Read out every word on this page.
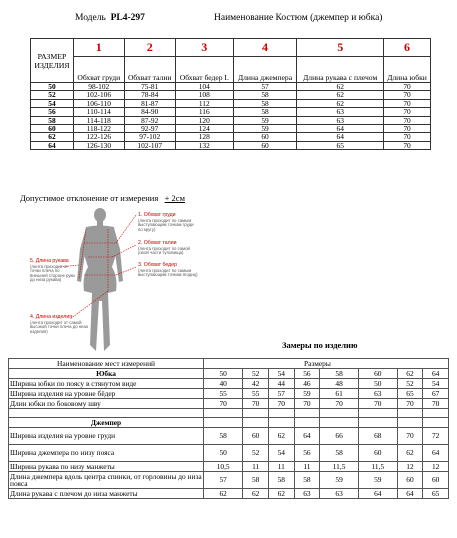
Модель PL4-297	Наименование Костюм (джемпер и юбка)
РАЗМЕР ИЗДЕЛИЯ	1	2	3	4	5	6
	Обхват груди	Обхват талии	Обхват бедер I.	Длина джемпера	Длина рукава с плечом	Длина юбки
50	98-102	75-81	104	57	62	70
52	102-106	78-84	108	58	62	70
54	106-110	81-87	112	58	62	70
56	110-114	84-90	116	58	63	70
58	114-118	87-92	120	59	63	70
60	118-122	92-97	124	59	64	70
62	122-126	97-102	128	60	64	70
64	126-130	102-107	132	60	65	70
Допустимое отклонение от измерения + 2см
1. Обхват груди
(лента проходит по самым выступающим точкам груди по кругу)
2. Обхват талии
(лента проходит по самой узкой части туловища)
3. Обхват бедер
(лента проходит по самым выступающим точкам ягодиц)
5. Длина рукава
(лента проходит от точки плеча по внешней стороне руки до низа рукава)
4. Длина изделия
(лента проходит от самой высокой точки плеча до низа изделия)
Замеры по изделию
Наименование мест измерений	Размеры							
Юбка	50	52	54	56	58	60	62	64
Ширина юбки по поясу в стянутом виде	40	42	44	46	48	50	52	54
Ширина изделия на уровне бёдер	55	55	57	59	61	63	65	67
Длин юбки по боковому шву	70	70	70	70	70	70	70	70

Джемпер								
Ширина изделия на уровне груди	58	60	62	64	66	68	70	72
Ширина джемпера по низу пояса	50	52	54	56	58	60	62	64
Ширина рукава по низу манжеты	10,5	11	11	11	11,5	11,5	12	12
Длина джемпера вдоль центра спинки, от горловины до низа пояса	57	58	58	58	59	59	60	60
Длина рукава с плечом до низа манжеты	62	62	62	63	63	64	64	65
